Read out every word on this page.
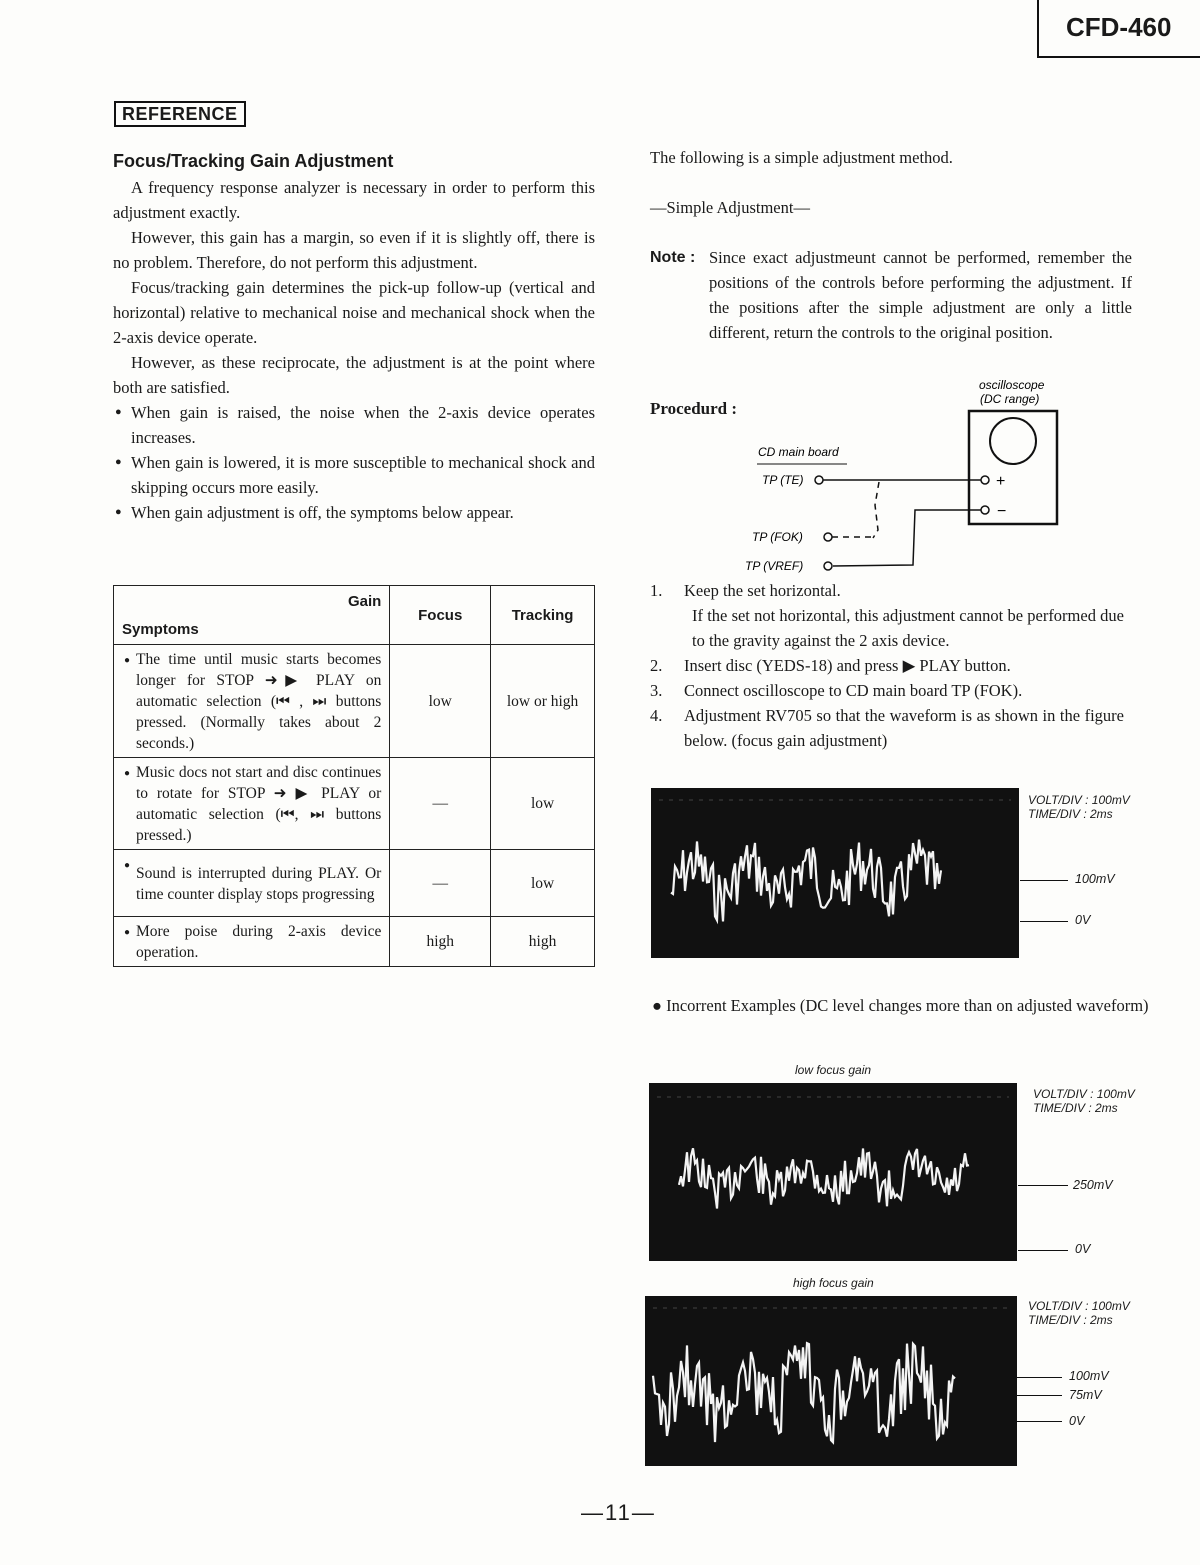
CFD-460
REFERENCE
Focus/Tracking Gain Adjustment

A frequency response analyzer is necessary in order to perform this adjustment exactly.

However, this gain has a margin, so even if it is slightly off, there is no problem. Therefore, do not perform this adjustment.

Focus/tracking gain determines the pick-up follow-up (vertical and horizontal) relative to mechanical noise and mechanical shock when the 2-axis device operate.

However, as these reciprocate, the adjustment is at the point where both are satisfied.

● When gain is raised, the noise when the 2-axis device operates increases.
● When gain is lowered, it is more susceptible to mechanical shock and skipping occurs more easily.
● When gain adjustment is off, the symptoms below appear.
Gain
Symptoms	Focus	Tracking
● The time until music starts becomes longer for STOP ➜▶ PLAY on automatic selection (⏮ , ⏭ buttons pressed. (Normally takes about 2 seconds.)	low	low or high
● Music docs not start and disc continues to rotate for STOP ➜ ▶ PLAY or automatic selection (⏮, ⏭ buttons pressed.)	—	low
● Sound is interrupted during PLAY. Or time counter display stops progressing	—	low
● More poise during 2-axis device operation.	high	high
The following is a simple adjustment method.
—Simple Adjustment—
Note : Since exact adjustmeunt cannot be performed, remember the positions of the controls before performing the adjustment. If the positions after the simple adjustment are only a little different, return the controls to the original position.
Procedurd :
oscilloscope
(DC range)
CD main board
TP (TE)	+
TP (FOK)
−
TP (VREF)
1.	Keep the set horizontal.
If the set not horizontal, this adjustment cannot be performed due to the gravity against the 2 axis device.
2.	Insert disc (YEDS-18) and press ▶ PLAY button.
3.	Connect oscilloscope to CD main board TP (FOK).
4.	Adjustment RV705 so that the waveform is as shown in the figure below. (focus gain adjustment)
VOLT/DIV : 100mV
TIME/DIV : 2ms
100mV
0V
● Incorrent Examples (DC level changes more than on adjusted waveform)
low focus gain
VOLT/DIV : 100mV
TIME/DIV : 2ms
250mV
0V
high focus gain
VOLT/DIV : 100mV
TIME/DIV : 2ms
100mV
75mV
0V
—11—
